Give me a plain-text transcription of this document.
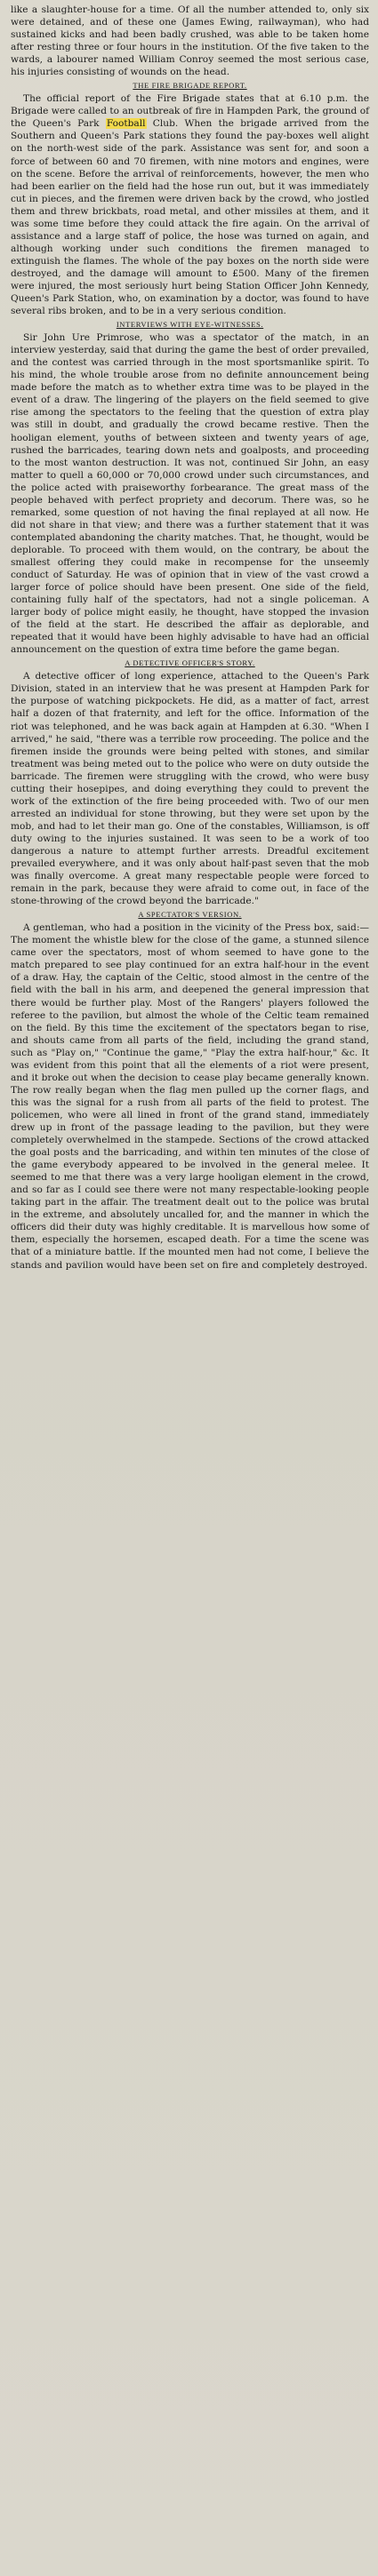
like a slaughter-house for a time. Of all the number attended to, only six were detained, and of these one (James Ewing, railwayman), who had sustained kicks and had been badly crushed, was able to be taken home after resting three or four hours in the institution. Of the five taken to the wards, a labourer named William Conroy seemed the most serious case, his injuries consisting of wounds on the head.

THE FIRE BRIGADE REPORT.

The official report of the Fire Brigade states that at 6.10 p.m. the Brigade were called to an outbreak of fire in Hampden Park, the ground of the Queen's Park Football Club. When the brigade arrived from the Southern and Queen's Park stations they found the pay-boxes well alight on the north-west side of the park. Assistance was sent for, and soon a force of between 60 and 70 firemen, with nine motors and engines, were on the scene. Before the arrival of reinforcements, however, the men who had been earlier on the field had the hose run out, but it was immediately cut in pieces, and the firemen were driven back by the crowd, who jostled them and threw brickbats, road metal, and other missiles at them, and it was some time before they could attack the fire again. On the arrival of assistance and a large staff of police, the hose was turned on again, and although working under such conditions the firemen managed to extinguish the flames. The whole of the pay boxes on the north side were destroyed, and the damage will amount to £500. Many of the firemen were injured, the most seriously hurt being Station Officer John Kennedy, Queen's Park Station, who, on examination by a doctor, was found to have several ribs broken, and to be in a very serious condition.

INTERVIEWS WITH EYE-WITNESSES.

Sir John Ure Primrose, who was a spectator of the match, in an interview yesterday, said that during the game the best of order prevailed, and the contest was carried through in the most sportsmanlike spirit. To his mind, the whole trouble arose from no definite announcement being made before the match as to whether extra time was to be played in the event of a draw. The lingering of the players on the field seemed to give rise among the spectators to the feeling that the question of extra play was still in doubt, and gradually the crowd became restive. Then the hooligan element, youths of between sixteen and twenty years of age, rushed the barricades, tearing down nets and goalposts, and proceeding to the most wanton destruction. It was not, continued Sir John, an easy matter to quell a 60,000 or 70,000 crowd under such circumstances, and the police acted with praiseworthy forbearance. The great mass of the people behaved with perfect propriety and decorum. There was, so he remarked, some question of not having the final replayed at all now. He did not share in that view; and there was a further statement that it was contemplated abandoning the charity matches. That, he thought, would be deplorable. To proceed with them would, on the contrary, be about the smallest offering they could make in recompense for the unseemly conduct of Saturday. He was of opinion that in view of the vast crowd a larger force of police should have been present. One side of the field, containing fully half of the spectators, had not a single policeman. A larger body of police might easily, he thought, have stopped the invasion of the field at the start. He described the affair as deplorable, and repeated that it would have been highly advisable to have had an official announcement on the question of extra time before the game began.

A DETECTIVE OFFICER'S STORY.

A detective officer of long experience, attached to the Queen's Park Division, stated in an interview that he was present at Hampden Park for the purpose of watching pickpockets. He did, as a matter of fact, arrest half a dozen of that fraternity, and left for the office. Information of the riot was telephoned, and he was back again at Hampden at 6.30. "When I arrived," he said, "there was a terrible row proceeding. The police and the firemen inside the grounds were being pelted with stones, and similar treatment was being meted out to the police who were on duty outside the barricade. The firemen were struggling with the crowd, who were busy cutting their hosepipes, and doing everything they could to prevent the work of the extinction of the fire being proceeded with. Two of our men arrested an individual for stone throwing, but they were set upon by the mob, and had to let their man go. One of the constables, Williamson, is off duty owing to the injuries sustained. It was seen to be a work of too dangerous a nature to attempt further arrests. Dreadful excitement prevailed everywhere, and it was only about half-past seven that the mob was finally overcome. A great many respectable people were forced to remain in the park, because they were afraid to come out, in face of the stone-throwing of the crowd beyond the barricade."

A SPECTATOR'S VERSION.

A gentleman, who had a position in the vicinity of the Press box, said:—The moment the whistle blew for the close of the game, a stunned silence came over the spectators, most of whom seemed to have gone to the match prepared to see play continued for an extra half-hour in the event of a draw. Hay, the captain of the Celtic, stood almost in the centre of the field with the ball in his arm, and deepened the general impression that there would be further play. Most of the Rangers' players followed the referee to the pavilion, but almost the whole of the Celtic team remained on the field. By this time the excitement of the spectators began to rise, and shouts came from all parts of the field, including the grand stand, such as "Play on," "Continue the game," "Play the extra half-hour," &c. It was evident from this point that all the elements of a riot were present, and it broke out when the decision to cease play became generally known. The row really began when the flag men pulled up the corner flags, and this was the signal for a rush from all parts of the field to protest. The policemen, who were all lined in front of the grand stand, immediately drew up in front of the passage leading to the pavilion, but they were completely overwhelmed in the stampede. Sections of the crowd attacked the goal posts and the barricading, and within ten minutes of the close of the game everybody appeared to be involved in the general melee. It seemed to me that there was a very large hooligan element in the crowd, and so far as I could see there were not many respectable-looking people taking part in the affair. The treatment dealt out to the police was brutal in the extreme, and absolutely uncalled for, and the manner in which the officers did their duty was highly creditable. It is marvellous how some of them, especially the horsemen, escaped death. For a time the scene was that of a miniature battle. If the mounted men had not come, I believe the stands and pavilion would have been set on fire and completely destroyed.
